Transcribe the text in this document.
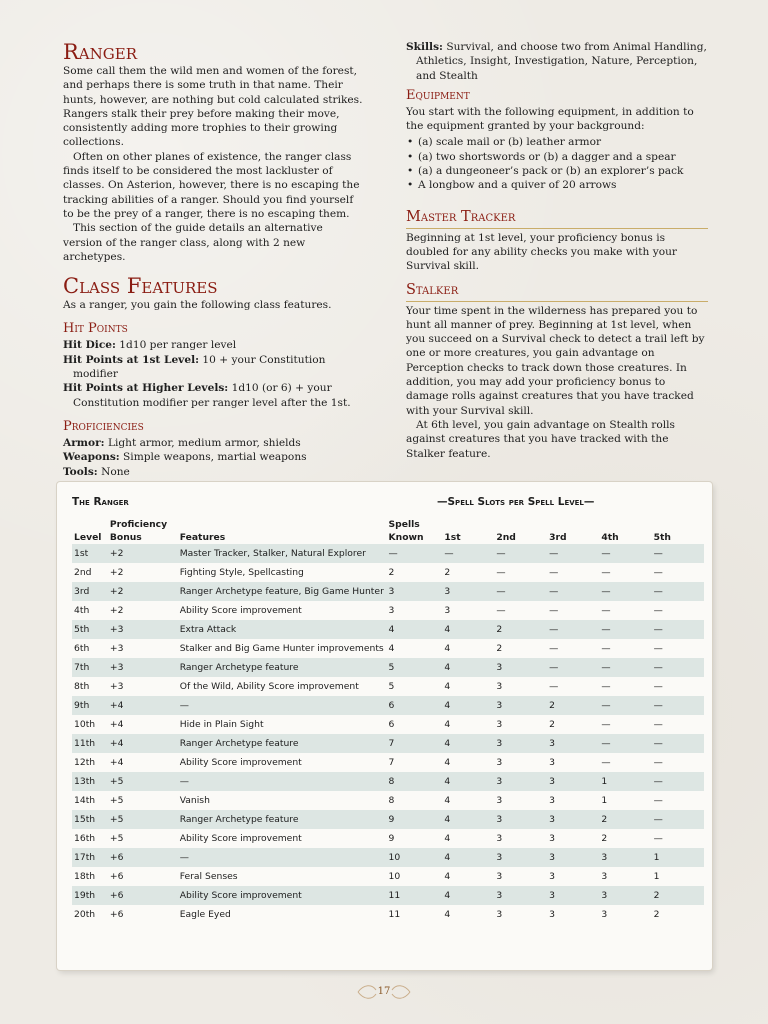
Ranger

Some call them the wild men and women of the forest, and perhaps there is some truth in that name. Their hunts, however, are nothing but cold calculated strikes. Rangers stalk their prey before making their move, consistently adding more trophies to their growing collections.

Often on other planes of existence, the ranger class finds itself to be considered the most lackluster of classes. On Asterion, however, there is no escaping the tracking abilities of a ranger. Should you find yourself to be the prey of a ranger, there is no escaping them.

This section of the guide details an alternative version of the ranger class, along with 2 new archetypes.

Class Features

As a ranger, you gain the following class features.

Hit Points

Hit Dice: 1d10 per ranger level

Hit Points at 1st Level: 10 + your Constitution modifier

Hit Points at Higher Levels: 1d10 (or 6) + your Constitution modifier per ranger level after the 1st.

Proficiencies

Armor: Light armor, medium armor, shields

Weapons: Simple weapons, martial weapons

Tools: None

Skills: Survival, and choose two from Animal Handling, Athletics, Insight, Investigation, Nature, Perception, and Stealth

Equipment

You start with the following equipment, in addition to the equipment granted by your background:

• (a) scale mail or (b) leather armor
• (a) two shortswords or (b) a dagger and a spear
• (a) a dungeoneer’s pack or (b) an explorer’s pack
• A longbow and a quiver of 20 arrows
Master Tracker

Beginning at 1st level, your proficiency bonus is doubled for any ability checks you make with your Survival skill.

Stalker

Your time spent in the wilderness has prepared you to hunt all manner of prey. Beginning at 1st level, when you succeed on a Survival check to detect a trail left by one or more creatures, you gain advantage on Perception checks to track down those creatures. In addition, you may add your proficiency bonus to damage rolls against creatures that you have tracked with your Survival skill.

At 6th level, you gain advantage on Stealth rolls against creatures that you have tracked with the Stalker feature.

The Ranger	—Spell Slots per Spell Level—
	Proficiency		Spells					
Level	Bonus	Features	Known	1st	2nd	3rd	4th	5th
1st	+2	Master Tracker, Stalker, Natural Explorer	—	—	—	—	—	—
2nd	+2	Fighting Style, Spellcasting	2	2	—	—	—	—
3rd	+2	Ranger Archetype feature, Big Game Hunter	3	3	—	—	—	—
4th	+2	Ability Score improvement	3	3	—	—	—	—
5th	+3	Extra Attack	4	4	2	—	—	—
6th	+3	Stalker and Big Game Hunter improvements	4	4	2	—	—	—
7th	+3	Ranger Archetype feature	5	4	3	—	—	—
8th	+3	Of the Wild, Ability Score improvement	5	4	3	—	—	—
9th	+4	—	6	4	3	2	—	—
10th	+4	Hide in Plain Sight	6	4	3	2	—	—
11th	+4	Ranger Archetype feature	7	4	3	3	—	—
12th	+4	Ability Score improvement	7	4	3	3	—	—
13th	+5	—	8	4	3	3	1	—
14th	+5	Vanish	8	4	3	3	1	—
15th	+5	Ranger Archetype feature	9	4	3	3	2	—
16th	+5	Ability Score improvement	9	4	3	3	2	—
17th	+6	—	10	4	3	3	3	1
18th	+6	Feral Senses	10	4	3	3	3	1
19th	+6	Ability Score improvement	11	4	3	3	3	2
20th	+6	Eagle Eyed	11	4	3	3	3	2
17
